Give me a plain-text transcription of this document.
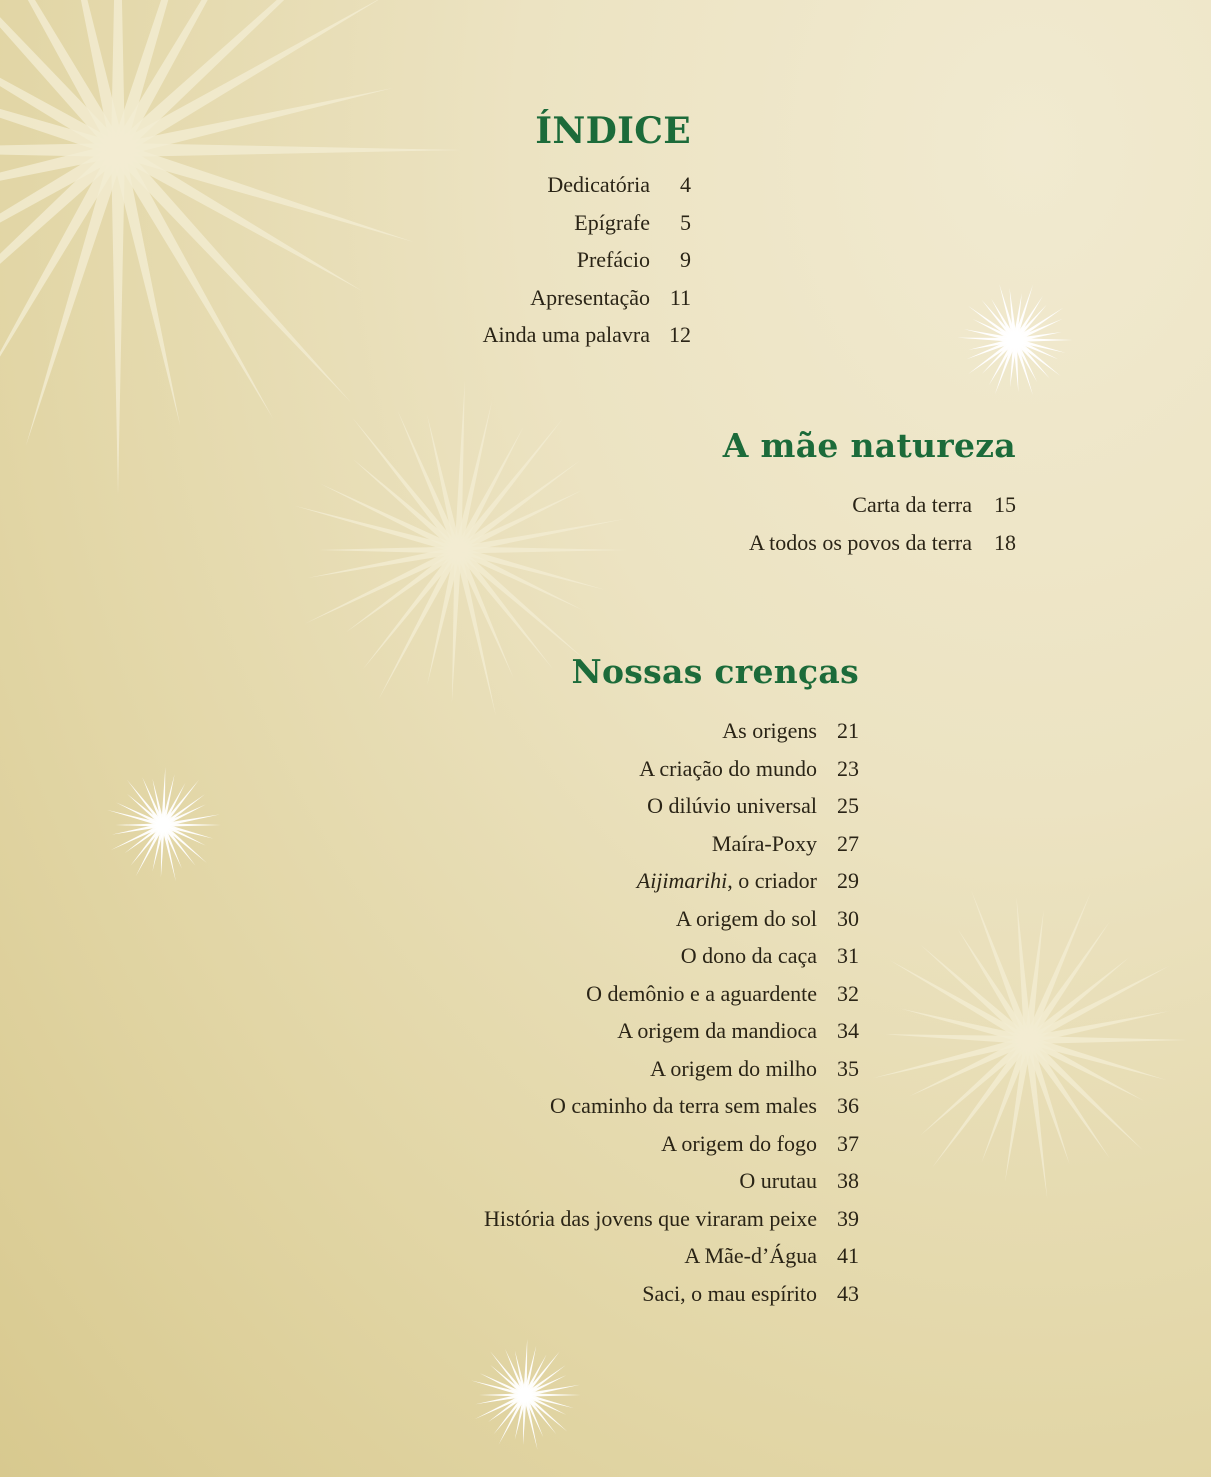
ÍNDICE
Dedicatória	4
Epígrafe	5
Prefácio	9
Apresentação 11
Ainda uma palavra 12
A mãe natureza
Carta da terra	15
A todos os povos da terra	18
Nossas crenças
As origens 21
A criação do mundo 23
O dilúvio universal 25
Maíra-Poxy 27
Aijimarihi, o criador 29
A origem do sol 30
O dono da caça 31
O demônio e a aguardente 32
A origem da mandioca 34
A origem do milho 35
O caminho da terra sem males 36
A origem do fogo 37
O urutau 38
História das jovens que viraram peixe 39
A Mãe-d’Água 41
Saci, o mau espírito 43
